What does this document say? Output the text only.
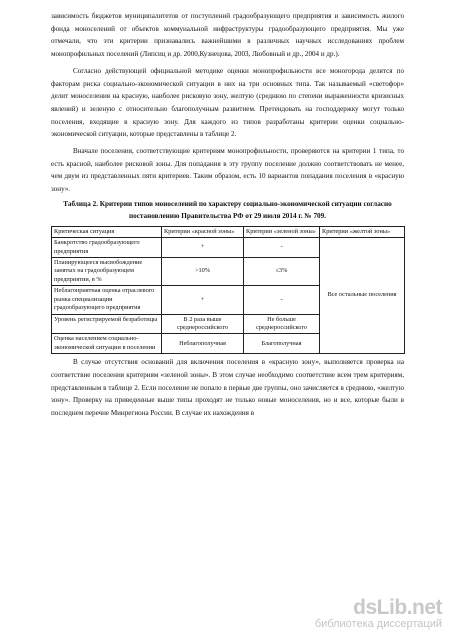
зависимость бюджетов муниципалитетов от поступлений градообразующего предприятия и зависимость жилого фонда моноселений от объектов коммунальной инфраструктуры градообразующего предприятия. Мы уже отмечали, что эти критерии признавались важнейшими в различных научных исследованиях проблем монопрофильных поселений (Липсиц и др. 2000,Кузнецова, 2003, Любовный и др., 2004 и др.).

Согласно действующей официальной методике оценки монопрофильности все моногорода делятся по факторам риска социально-экономической ситуации в них на три основных типа. Так называемый «светофор» делит моноселения на красную, наиболее рисковую зону, желтую (среднюю по степени выраженности кризисных явлений) и зеленую с относительно благополучным развитием. Претендовать на господдержку могут только поселения, входящие в красную зону. Для каждого из типов разработаны критерии оценки социально-экономической ситуации, которые представлены в таблице 2.

Вначале поселения, соответствующие критериям монопрофильности, проверяются на критерии 1 типа, то есть красной, наиболее рисковой зоны. Для попадания в эту группу поселение должно соответствовать не менее, чем двум из представленных пяти критериев. Таким образом, есть 10 вариантов попадания поселения в «красную зону».

Таблица 2. Критерии типов моноселений по характеру социально-экономической ситуации согласно постановлению Правительства РФ от 29 июля 2014 г. № 709.
Критическая ситуация	Критерии «красной зоны»	Критерии «зеленой зоны»	Критерии «желтой зоны»
Банкротство градообразующего предприятия	+	-	Все остальные поселения
Планирующееся высвобождение занятых на градообразующем предприятии, в %	>10%	≤3%	
Неблагоприятная оценка отраслевого рынка специализации градообразующего предприятия	+	-	
Уровень регистрируемой безработицы	В 2 раза выше среднероссийского	Не больше среднероссийского	
Оценка населением социально-экономической ситуации в поселении	Неблагополучная	Благополучная	

В случае отсутствия оснований для включения поселения в «красную зону», выполняется проверка на соответствие поселения критериям «зеленой зоны». В этом случае необходимо соответствие всем трем критериям, представленным в таблице 2. Если поселение не попало в первые две группы, оно зачисляется в среднюю, «желтую зону». Проверку на приведенные выше типы проходят не только новые моноселения, но и все, которые были в последнем перечне Минрегиона России. В случае их нахождения в

dsLib.net
библиотека диссертаций
